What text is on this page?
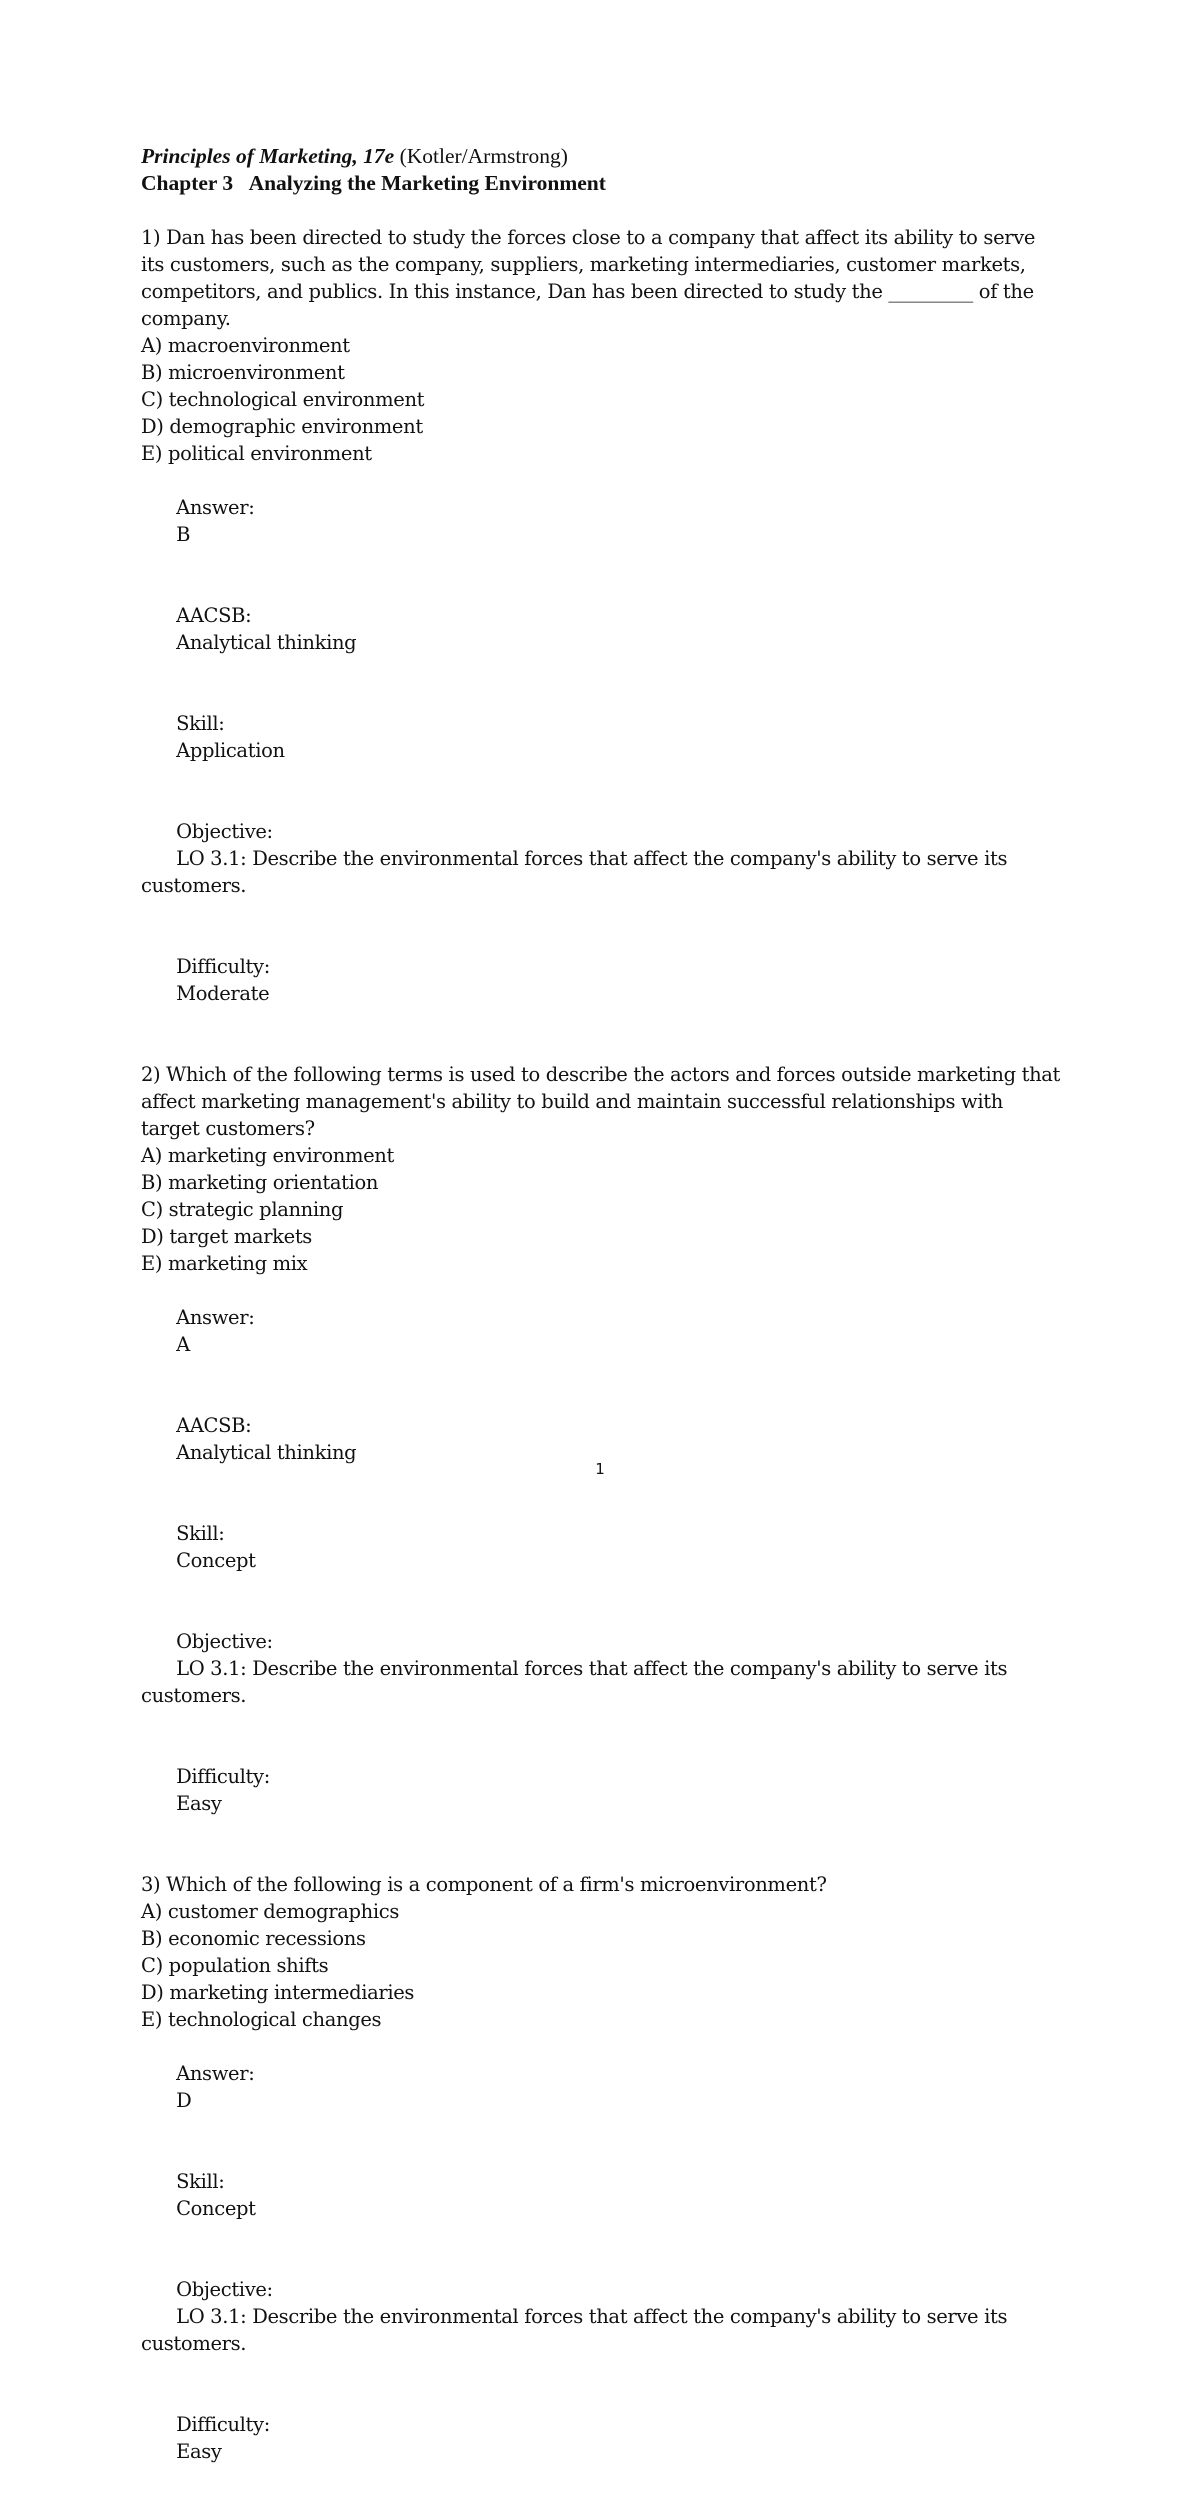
Principles of Marketing, 17e (Kotler/Armstrong)
Chapter 3 Analyzing the Marketing Environment
1) Dan has been directed to study the forces close to a company that affect its ability to serve its customers, such as the company, suppliers, marketing intermediaries, customer markets, competitors, and publics. In this instance, Dan has been directed to study the _________ of the company.
A) macroenvironment
B) microenvironment
C) technological environment
D) demographic environment
E) political environment

Answer:
B

AACSB:
Analytical thinking

Skill:
Application

Objective:
LO 3.1: Describe the environmental forces that affect the company's ability to serve its customers.

Difficulty:
Moderate

2) Which of the following terms is used to describe the actors and forces outside marketing that affect marketing management's ability to build and maintain successful relationships with target customers?
A) marketing environment
B) marketing orientation
C) strategic planning
D) target markets
E) marketing mix

Answer:
A

AACSB:
Analytical thinking

Skill:
Concept

Objective:
LO 3.1: Describe the environmental forces that affect the company's ability to serve its customers.

Difficulty:
Easy

3) Which of the following is a component of a firm's microenvironment?
A) customer demographics
B) economic recessions
C) population shifts
D) marketing intermediaries
E) technological changes

Answer:
D

Skill:
Concept

Objective:
LO 3.1: Describe the environmental forces that affect the company's ability to serve its customers.

Difficulty:
Easy

1
